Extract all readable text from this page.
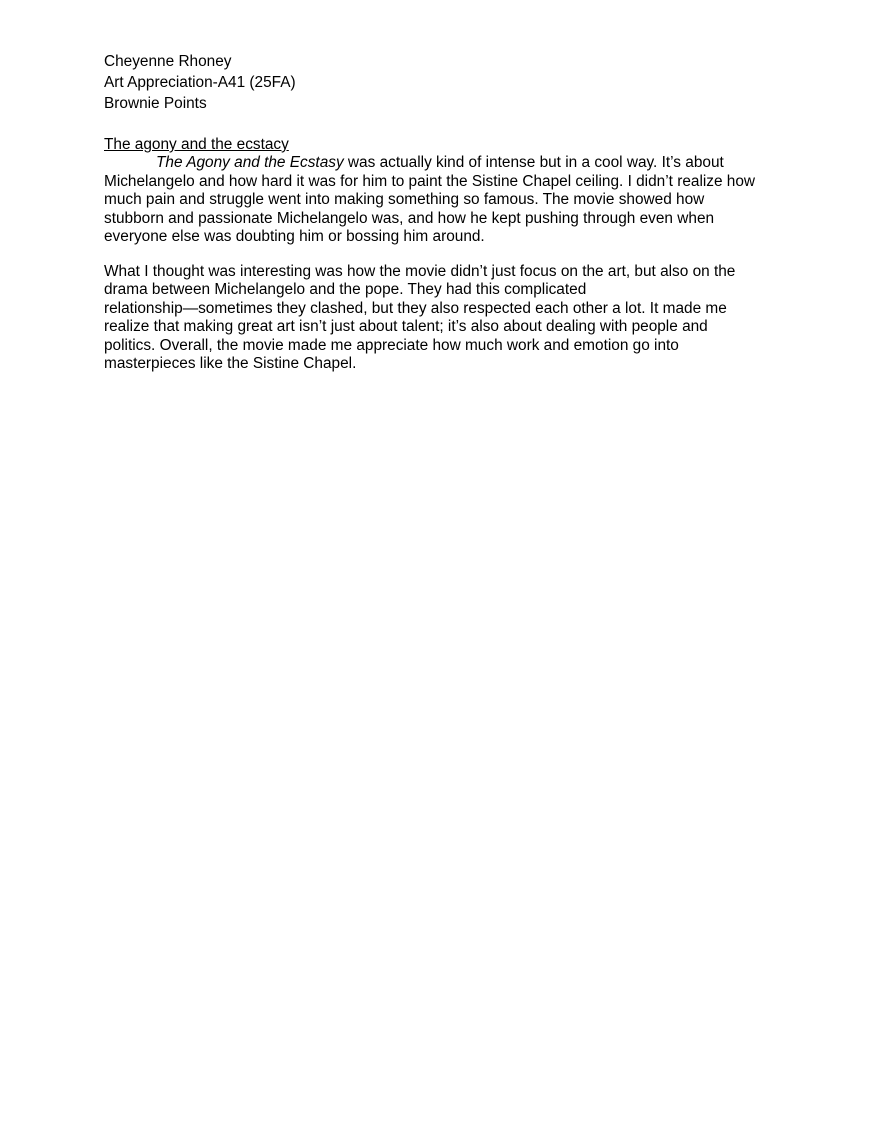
Cheyenne Rhoney
Art Appreciation-A41 (25FA)
Brownie Points
The agony and the ecstacy
The Agony and the Ecstasy was actually kind of intense but in a cool way. It’s about
Michelangelo and how hard it was for him to paint the Sistine Chapel ceiling. I didn’t realize how
much pain and struggle went into making something so famous. The movie showed how
stubborn and passionate Michelangelo was, and how he kept pushing through even when
everyone else was doubting him or bossing him around.
What I thought was interesting was how the movie didn’t just focus on the art, but also on the
drama between Michelangelo and the pope. They had this complicated
relationship—sometimes they clashed, but they also respected each other a lot. It made me
realize that making great art isn’t just about talent; it’s also about dealing with people and
politics. Overall, the movie made me appreciate how much work and emotion go into
masterpieces like the Sistine Chapel.
